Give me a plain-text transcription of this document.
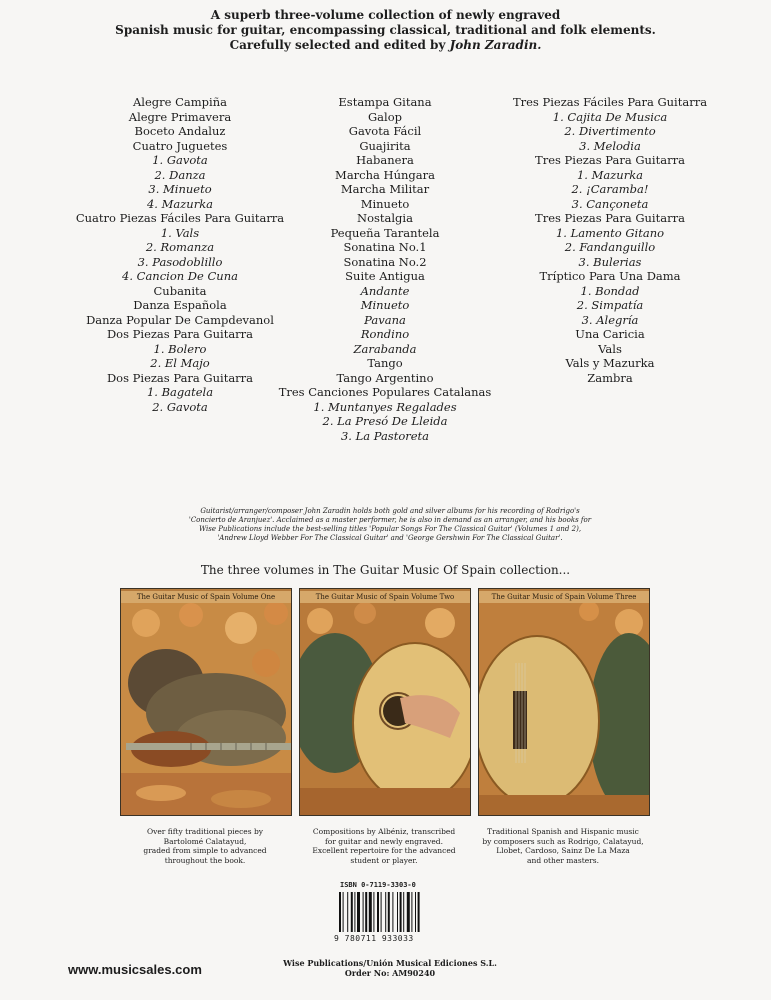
A superb three-volume collection of newly engraved
Spanish music for guitar, encompassing classical, traditional and folk elements.
Carefully selected and edited by John Zaradin.
Alegre Campiña
Alegre Primavera
Boceto Andaluz
Cuatro Juguetes
1. Gavota
2. Danza
3. Minueto
4. Mazurka
Cuatro Piezas Fáciles Para Guitarra
1. Vals
2. Romanza
3. Pasodoblillo
4. Cancion De Cuna
Cubanita
Danza Española
Danza Popular De Campdevanol
Dos Piezas Para Guitarra
1. Bolero
2. El Majo
Dos Piezas Para Guitarra
1. Bagatela
2. Gavota
Estampa Gitana
Galop
Gavota Fácil
Guajirita
Habanera
Marcha Húngara
Marcha Militar
Minueto
Nostalgia
Pequeña Tarantela
Sonatina No.1
Sonatina No.2
Suite Antigua
Andante
Minueto
Pavana
Rondino
Zarabanda
Tango
Tango Argentino
Tres Canciones Populares Catalanas
1. Muntanyes Regalades
2. La Presó De Lleida
3. La Pastoreta
Tres Piezas Fáciles Para Guitarra
1. Cajita De Musica
2. Divertimento
3. Melodia
Tres Piezas Para Guitarra
1. Mazurka
2. ¡Caramba!
3. Cançoneta
Tres Piezas Para Guitarra
1. Lamento Gitano
2. Fandanguillo
3. Bulerias
Tríptico Para Una Dama
1. Bondad
2. Simpatía
3. Alegría
Una Caricia
Vals
Vals y Mazurka
Zambra
Guitarist/arranger/composer John Zaradin holds both gold and silver albums for his recording of Rodrigo's
'Concierto de Aranjuez'. Acclaimed as a master performer, he is also in demand as an arranger, and his books for
Wise Publications include the best-selling titles 'Popular Songs For The Classical Guitar' (Volumes 1 and 2),
'Andrew Lloyd Webber For The Classical Guitar' and 'George Gershwin For The Classical Guitar'.
The three volumes in The Guitar Music Of Spain collection...
The Guitar Music of Spain Volume One	The Guitar Music of Spain Volume Two	The Guitar Music of Spain Volume Three
Over fifty traditional pieces by
Bartolomé Calatayud,
graded from simple to advanced
throughout the book.
Compositions by Albéniz, transcribed
for guitar and newly engraved.
Excellent repertoire for the advanced
student or player.
Traditional Spanish and Hispanic music
by composers such as Rodrigo, Calatayud,
Llobet, Cardoso, Sainz De La Maza
and other masters.
ISBN 0-7119-3303-0
9 780711 933033
www.musicsales.com	Wise Publications/Unión Musical Ediciones S.L.
Order No: AM90240
